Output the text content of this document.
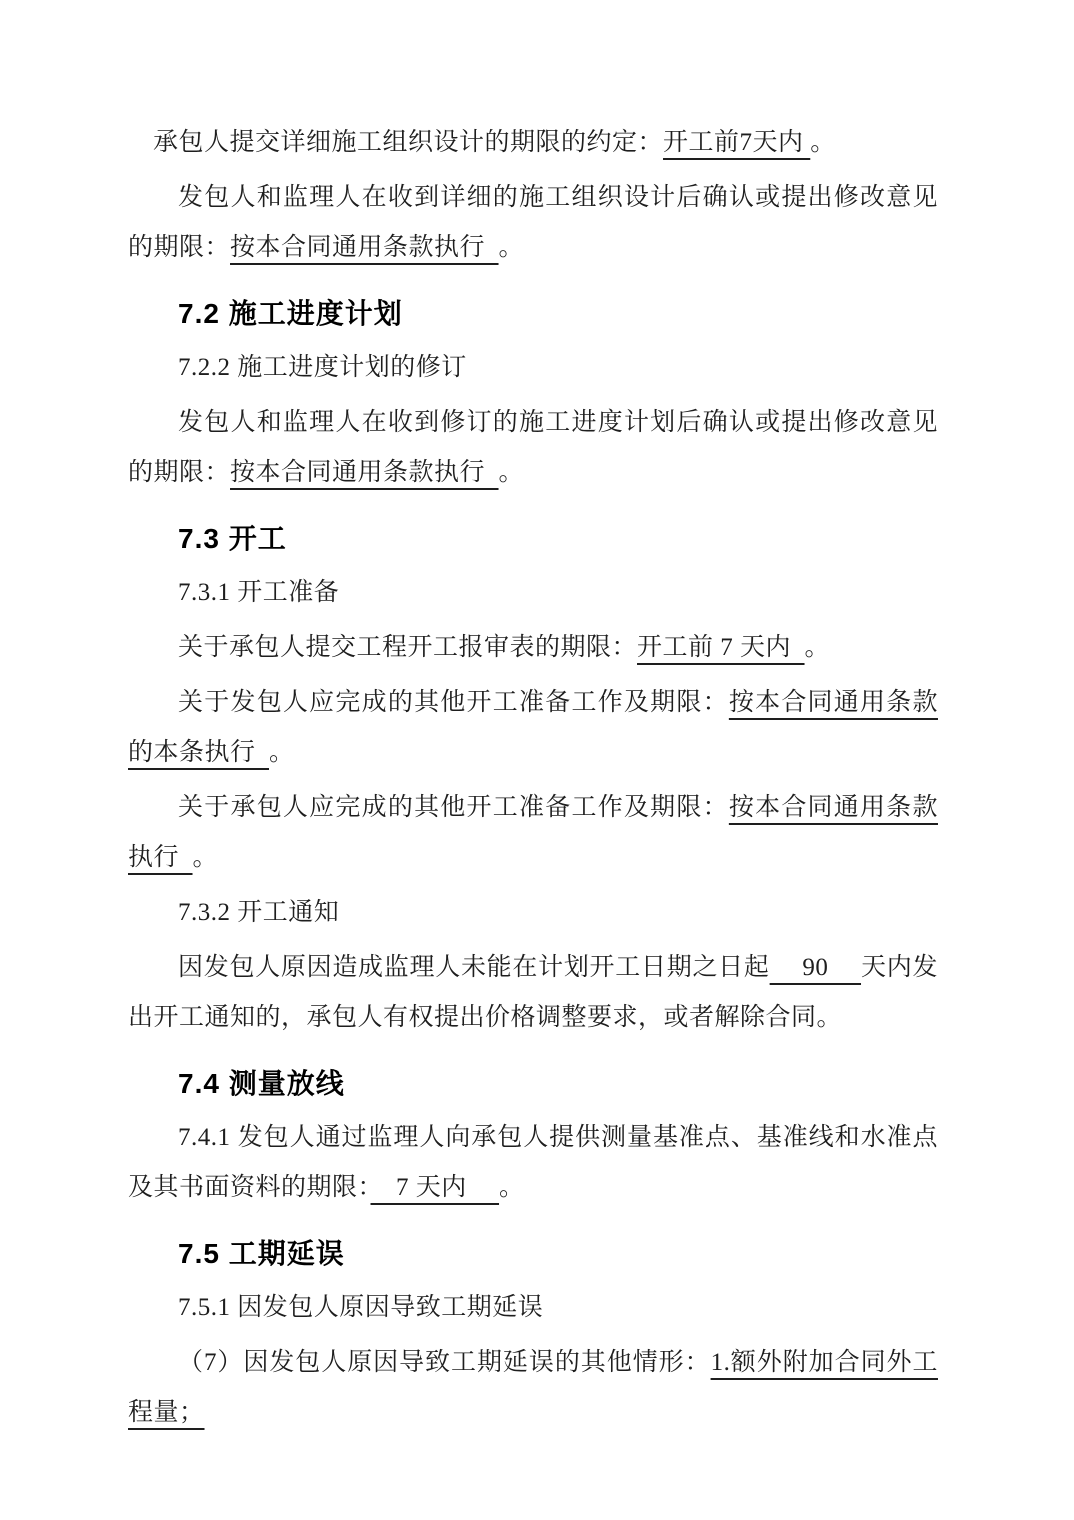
承包人提交详细施工组织设计的期限的约定：开工前7天内 。

发包人和监理人在收到详细的施工组织设计后确认或提出修改意见的期限：按本合同通用条款执行  。

7.2 施工进度计划

7.2.2 施工进度计划的修订

发包人和监理人在收到修订的施工进度计划后确认或提出修改意见的期限：按本合同通用条款执行  。

7.3 开工

7.3.1 开工准备

关于承包人提交工程开工报审表的期限：开工前 7 天内  。

关于发包人应完成的其他开工准备工作及期限：按本合同通用条款的本条执行  。

关于承包人应完成的其他开工准备工作及期限：按本合同通用条款执行  。

7.3.2 开工通知

因发包人原因造成监理人未能在计划开工日期之日起　 90 　天内发出开工通知的，承包人有权提出价格调整要求，或者解除合同。

7.4 测量放线

7.4.1 发包人通过监理人向承包人提供测量基准点、基准线和水准点及其书面资料的期限：　7 天内　 。

7.5 工期延误

7.5.1 因发包人原因导致工期延误

（7）因发包人原因导致工期延误的其他情形：1.额外附加合同外工程量；
